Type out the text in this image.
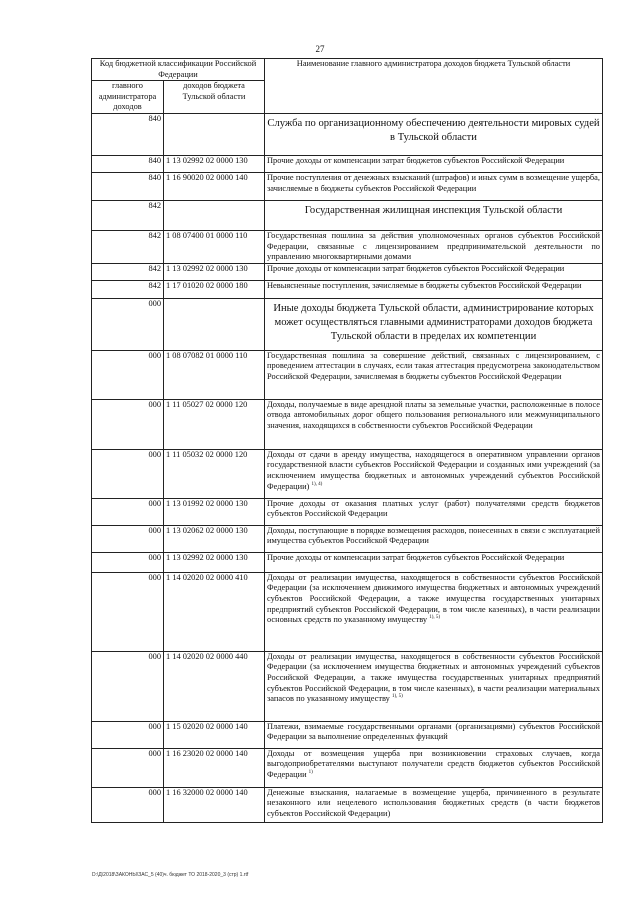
27
Код бюджетной классификации Российской Федерации		Наименование главного администратора доходов бюджета Тульской области
главного администратора доходов	доходов бюджета Тульской области	
840		Служба по организационному обеспечению деятельности мировых судей в Тульской области
840	1 13 02992 02 0000 130	Прочие доходы от компенсации затрат бюджетов субъектов Российской Федерации
840	1 16 90020 02 0000 140	Прочие поступления от денежных взысканий (штрафов) и иных сумм в возмещение ущерба, зачисляемые в бюджеты субъектов Российской Федерации
842		Государственная жилищная инспекция Тульской области
842	1 08 07400 01 0000 110	Государственная пошлина за действия уполномоченных органов субъектов Российской Федерации, связанные с лицензированием предпринимательской деятельности по управлению многоквартирными домами
842	1 13 02992 02 0000 130	Прочие доходы от компенсации затрат бюджетов субъектов Российской Федерации
842	1 17 01020 02 0000 180	Невыясненные поступления, зачисляемые в бюджеты субъектов Российской Федерации
000		Иные доходы бюджета Тульской области, администрирование которых может осуществляться главными администраторами доходов бюджета Тульской области в пределах их компетенции
000	1 08 07082 01 0000 110	Государственная пошлина за совершение действий, связанных с лицензированием, с проведением аттестации в случаях, если такая аттестация предусмотрена законодательством Российской Федерации, зачисляемая в бюджеты субъектов Российской Федерации
000	1 11 05027 02 0000 120	Доходы, получаемые в виде арендной платы за земельные участки, расположенные в полосе отвода автомобильных дорог общего пользования регионального или межмуниципального значения, находящихся в собственности субъектов Российской Федерации
000	1 11 05032 02 0000 120	Доходы от сдачи в аренду имущества, находящегося в оперативном управлении органов государственной власти субъектов Российской Федерации и созданных ими учреждений (за исключением имущества бюджетных и автономных учреждений субъектов Российской Федерации) $^{1), 4)}$
000	1 13 01992 02 0000 130	Прочие доходы от оказания платных услуг (работ) получателями средств бюджетов субъектов Российской Федерации
000	1 13 02062 02 0000 130	Доходы, поступающие в порядке возмещения расходов, понесенных в связи с эксплуатацией имущества субъектов Российской Федерации
000	1 13 02992 02 0000 130	Прочие доходы от компенсации затрат бюджетов субъектов Российской Федерации
000	1 14 02020 02 0000 410	Доходы от реализации имущества, находящегося в собственности субъектов Российской Федерации (за исключением движимого имущества бюджетных и автономных учреждений субъектов Российской Федерации, а также имущества государственных унитарных предприятий субъектов Российской Федерации, в том числе казенных), в части реализации основных средств по указанному имуществу $^{1), 5)}$
000	1 14 02020 02 0000 440	Доходы от реализации имущества, находящегося в собственности субъектов Российской Федерации (за исключением имущества бюджетных и автономных учреждений субъектов Российской Федерации, а также имущества государственных унитарных предприятий субъектов Российской Федерации, в том числе казенных), в части реализации материальных запасов по указанному имуществу $^{1), 5)}$
000	1 15 02020 02 0000 140	Платежи, взимаемые государственными органами (организациями) субъектов Российской Федерации за выполнение определенных функций
000	1 16 23020 02 0000 140	Доходы от возмещения ущерба при возникновении страховых случаев, когда выгодоприобретателями выступают получатели средств бюджетов субъектов Российской Федерации $^{1)}$
000	1 16 32000 02 0000 140	Денежные взыскания, налагаемые в возмещение ущерба, причиненного в результате незаконного или нецелевого использования бюджетных средств (в части бюджетов субъектов Российской Федерации)
D:\Д\2018\ЗАКОНЫ\ЗАС_5 (40)ч. бюджет ТО 2018-2020_3 (стр) 1.rtf
